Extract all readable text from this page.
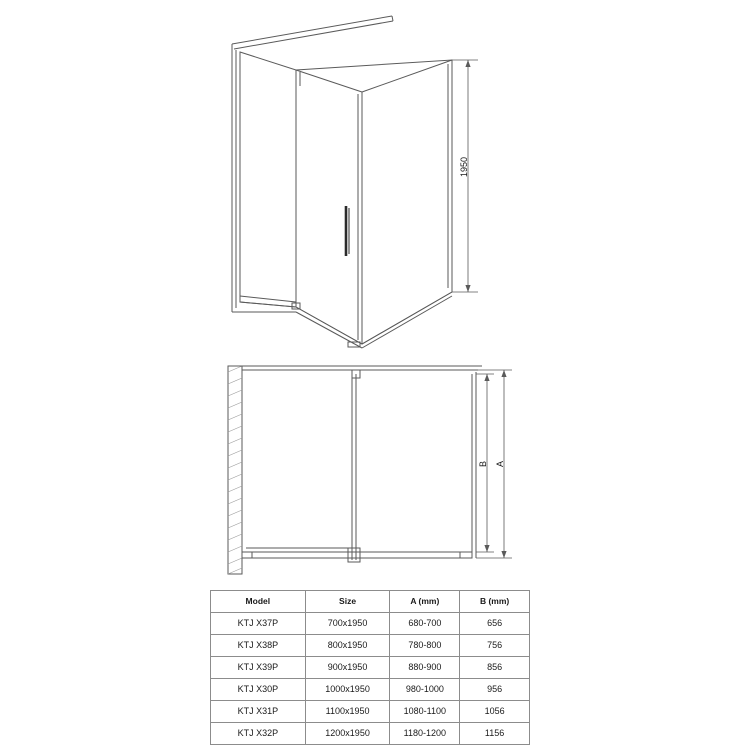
1950
A
B
Model	Size	A (mm)	B (mm)
KTJ X37P	700x1950	680-700	656
KTJ X38P	800x1950	780-800	756
KTJ X39P	900x1950	880-900	856
KTJ X30P	1000x1950	980-1000	956
KTJ X31P	1100x1950	1080-1100	1056
KTJ X32P	1200x1950	1180-1200	1156
